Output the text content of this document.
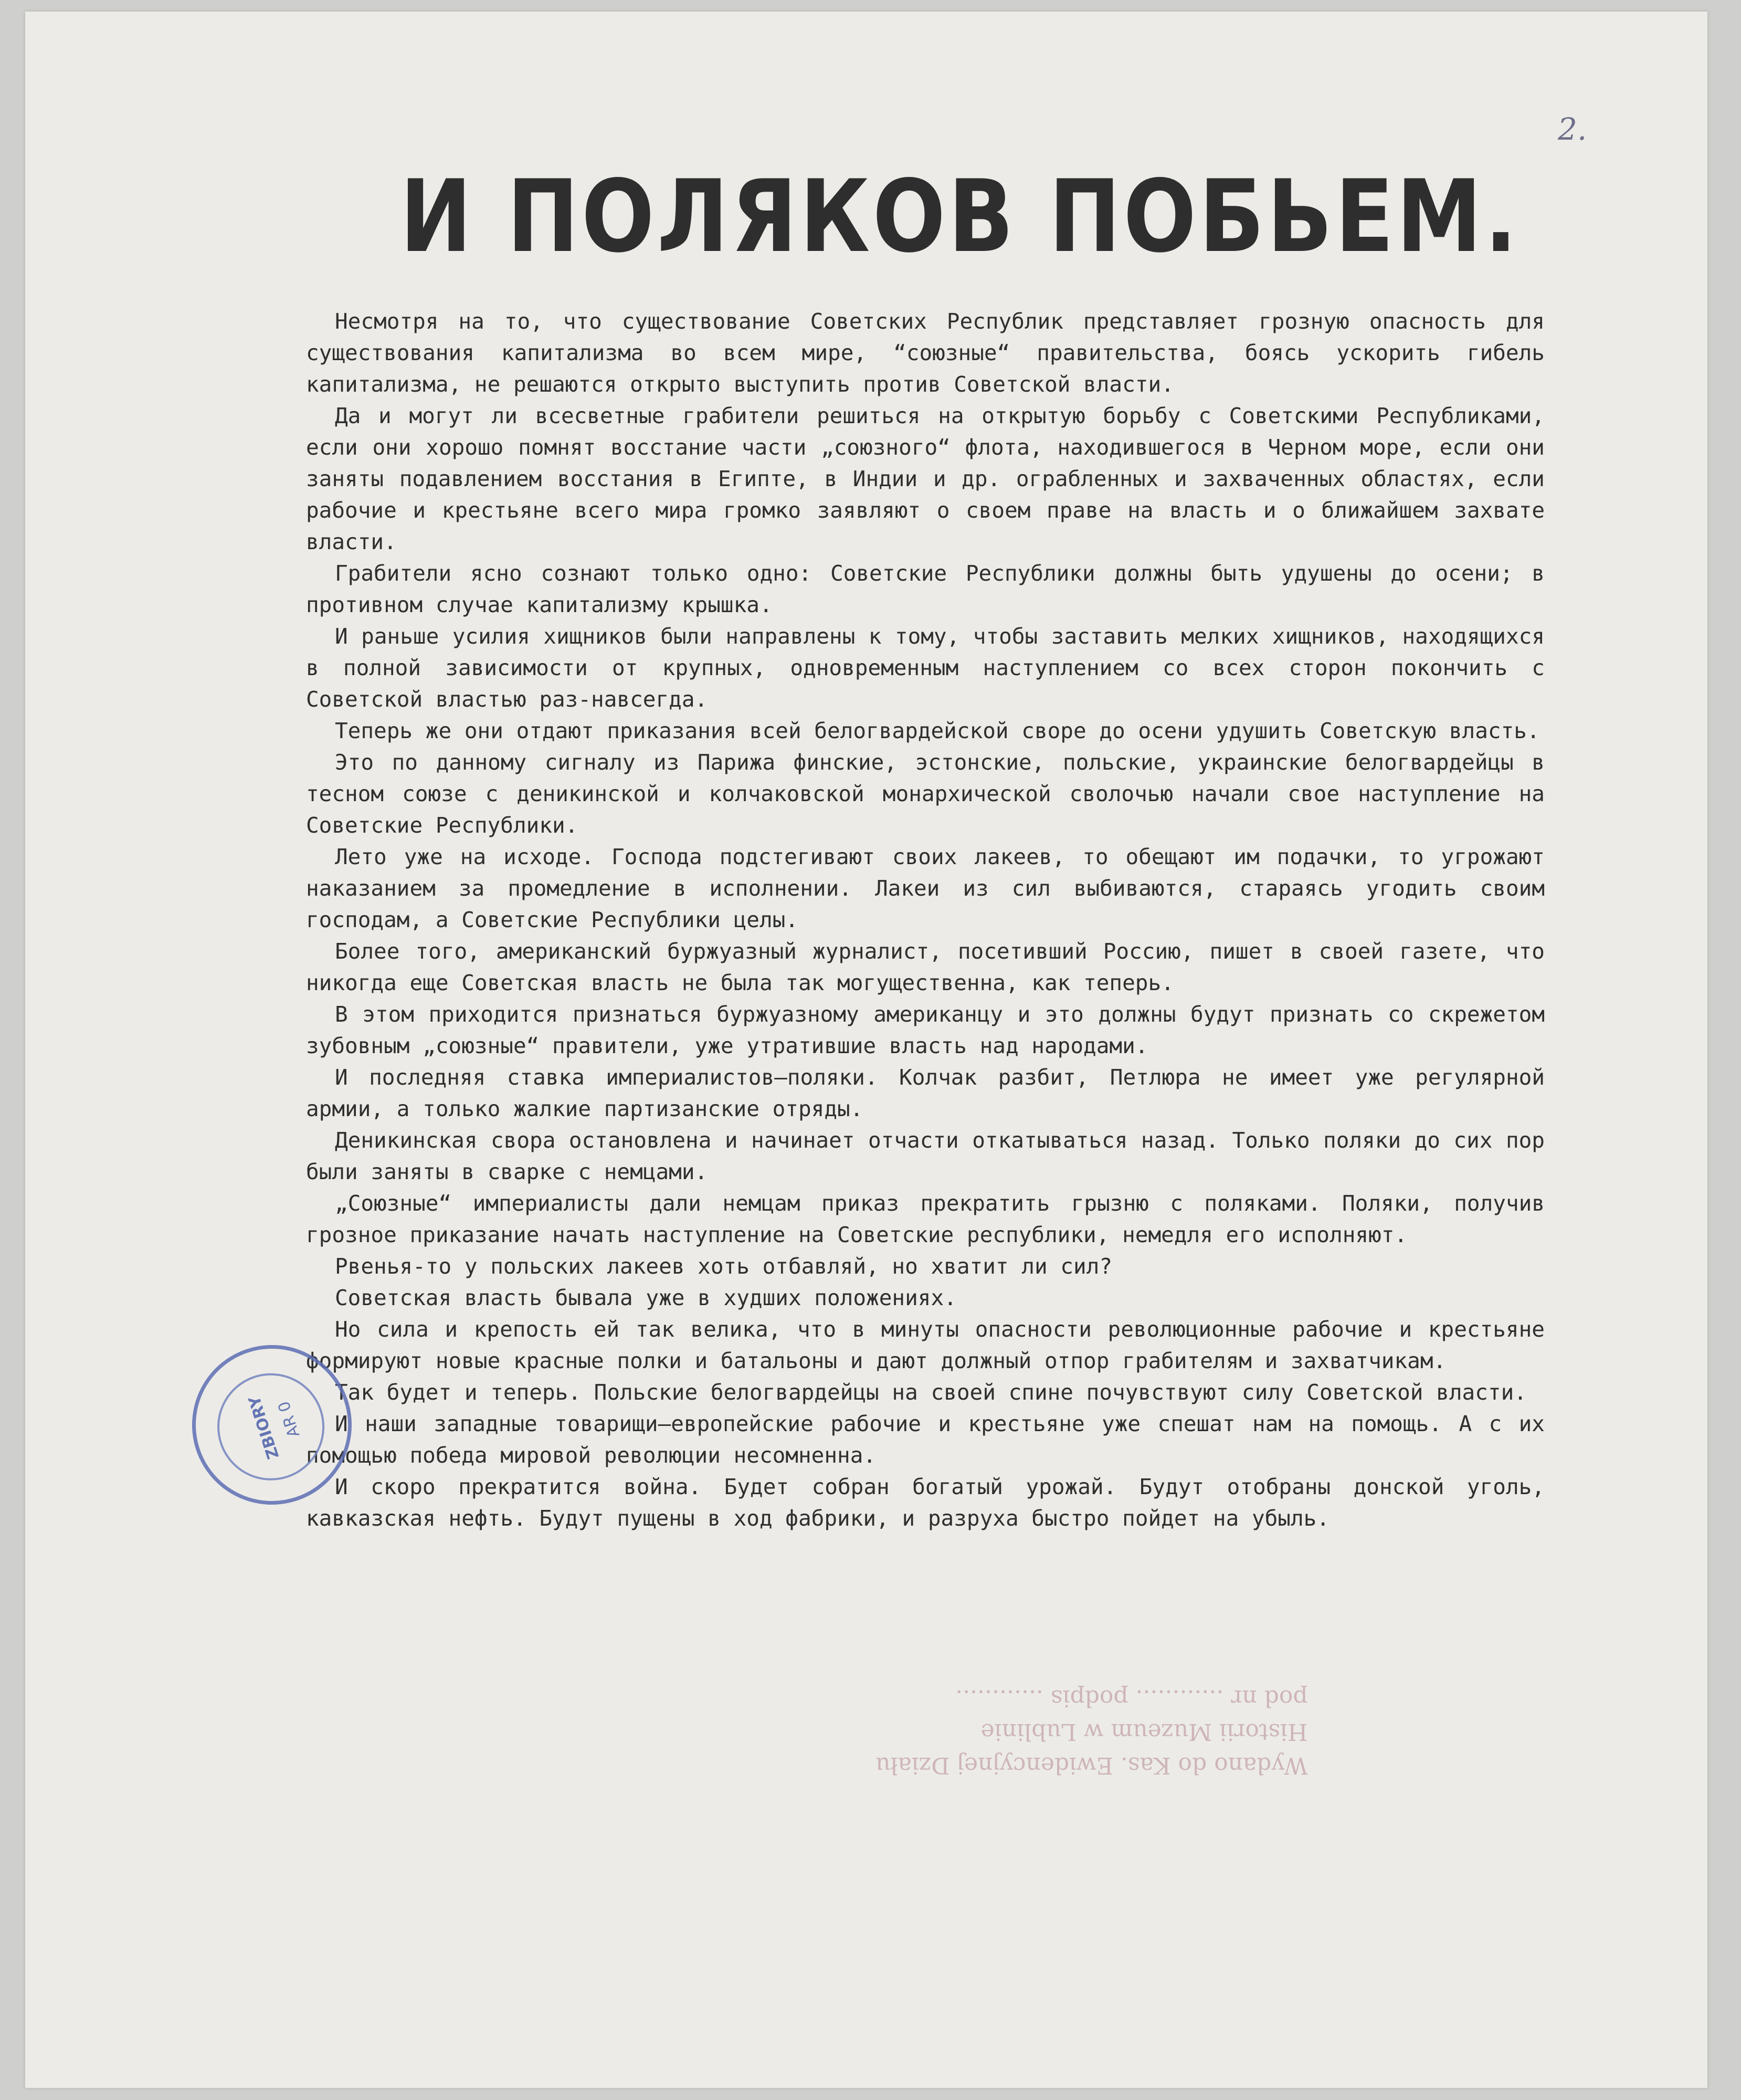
2.
И ПОЛЯКОВ ПОБЬЕМ.

Несмотря на то, что существование Советских Республик представляет грозную опасность для существования капитализма во всем мире, “союзные“ правительства, боясь ускорить гибель капитализма, не решаются открыто выступить против Советской власти.

Да и могут ли всесветные грабители решиться на открытую борьбу с Советскими Республиками, если они хорошо помнят восстание части „союзного“ флота, находившегося в Черном море, если они заняты подавлением восстания в Египте, в Индии и др. ограбленных и захваченных областях, если рабочие и крестьяне всего мира громко заявляют о своем праве на власть и о ближайшем захвате власти.

Грабители ясно сознают только одно: Советские Республики должны быть удушены до осени; в противном случае капитализму крышка.

И раньше усилия хищников были направлены к тому, чтобы заставить мелких хищников, находящихся в полной зависимости от крупных, одновременным наступлением со всех сторон покончить с Советской властью раз-навсегда.

Теперь же они отдают приказания всей белогвардейской своре до осени удушить Советскую власть.

Это по данному сигналу из Парижа финские, эстонские, польские, украинские белогвардейцы в тесном союзе с деникинской и колчаковской монархической сволочью начали свое наступление на Советские Республики.

Лето уже на исходе. Господа подстегивают своих лакеев, то обещают им подачки, то угрожают наказанием за промедление в исполнении. Лакеи из сил выбиваются, стараясь угодить своим господам, а Советские Республики целы.

Более того, американский буржуазный журналист, посетивший Россию, пишет в своей газете, что никогда еще Советская власть не была так могущественна, как теперь.

В этом приходится признаться буржуазному американцу и это должны будут признать со скрежетом зубовным „союзные“ правители, уже утратившие власть над народами.

И последняя ставка империалистов—поляки. Колчак разбит, Петлюра не имеет уже регулярной армии, а только жалкие партизанские отряды.

Деникинская свора остановлена и начинает отчасти откатываться назад. Только поляки до сих пор были заняты в сварке с немцами.

„Союзные“ империалисты дали немцам приказ прекратить грызню с поляками. Поляки, получив грозное приказание начать наступление на Советские республики, немедля его исполняют.

Рвенья-то у польских лакеев хоть отбавляй, но хватит ли сил?

Советская власть бывала уже в худших положениях.

Но сила и крепость ей так велика, что в минуты опасности революционные рабочие и крестьяне формируют новые красные полки и батальоны и дают должный отпор грабителям и захватчикам.

Так будет и теперь. Польские белогвардейцы на своей спине почувствуют силу Советской власти.

И наши западные товарищи—европейские рабочие и крестьяне уже спешат нам на помощь. А с их помощью победа мировой революции несомненна.

И скоро прекратится война. Будет собран богатый урожай. Будут отобраны донской уголь, кавказская нефть. Будут пущены в ход фабрики, и разруха быстро пойдет на убыль.

ZBIORY
AR 0
Wydano do Kas. Ewidencyjnej Działu
Historii Muzeum w Lublinie
pod nr ............ podpis ............
